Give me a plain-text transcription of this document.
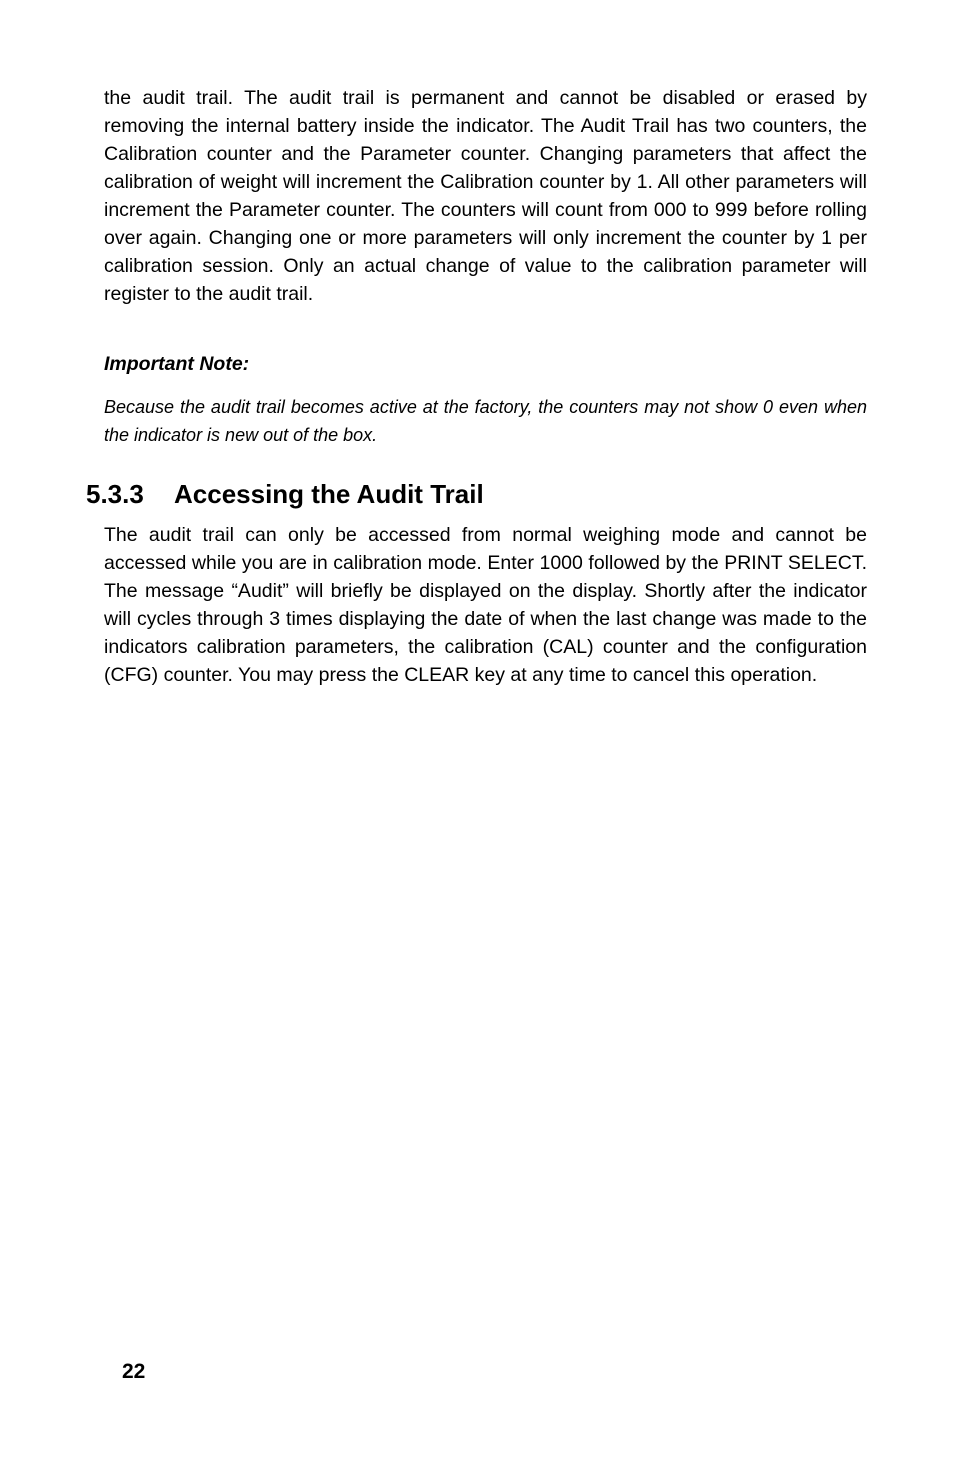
the audit trail. The audit trail is permanent and cannot be disabled or erased by removing the internal battery inside the indicator. The Audit Trail has two counters, the Calibration counter and the Parameter counter. Changing parameters that affect the calibration of weight will increment the Calibration counter by 1. All other parameters will increment the Parameter counter. The counters will count from 000 to 999 before rolling over again. Changing one or more parameters will only increment the counter by 1 per calibration session. Only an actual change of value to the calibration parameter will register to the audit trail.

Important Note:

Because the audit trail becomes active at the factory, the counters may not show 0 even when the indicator is new out of the box.

5.3.3 Accessing the Audit Trail

The audit trail can only be accessed from normal weighing mode and cannot be accessed while you are in calibration mode. Enter 1000 followed by the PRINT SELECT. The message “Audit” will briefly be displayed on the display. Shortly after the indicator will cycles through 3 times displaying the date of when the last change was made to the indicators calibration parameters, the calibration (CAL) counter and the configuration (CFG) counter. You may press the CLEAR key at any time to cancel this operation.

22
